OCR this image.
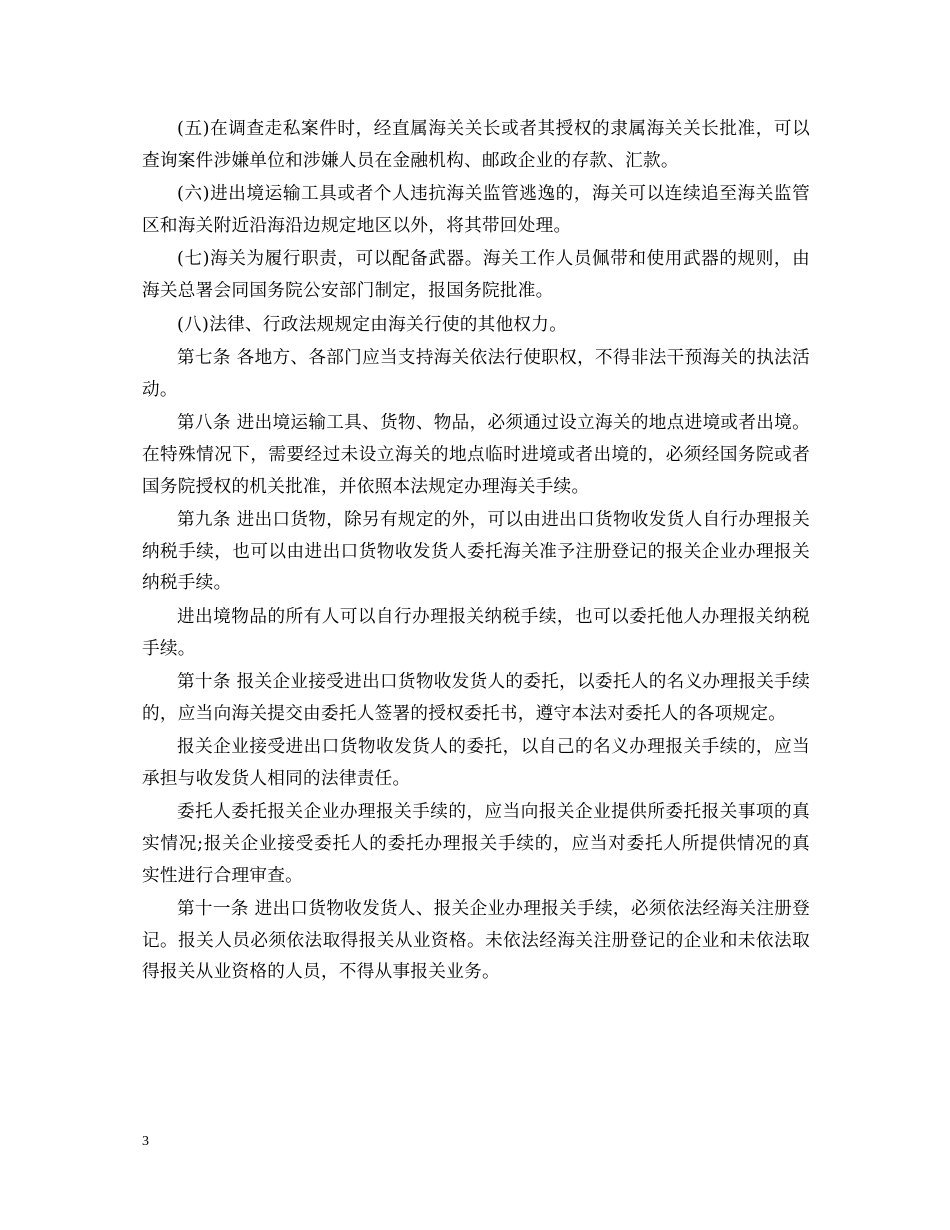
(五)在调查走私案件时，经直属海关关长或者其授权的隶属海关关长批准，可以查询案件涉嫌单位和涉嫌人员在金融机构、邮政企业的存款、汇款。

(六)进出境运输工具或者个人违抗海关监管逃逸的，海关可以连续追至海关监管区和海关附近沿海沿边规定地区以外，将其带回处理。

(七)海关为履行职责，可以配备武器。海关工作人员佩带和使用武器的规则，由海关总署会同国务院公安部门制定，报国务院批准。

(八)法律、行政法规规定由海关行使的其他权力。

第七条 各地方、各部门应当支持海关依法行使职权，不得非法干预海关的执法活动。

第八条 进出境运输工具、货物、物品，必须通过设立海关的地点进境或者出境。在特殊情况下，需要经过未设立海关的地点临时进境或者出境的，必须经国务院或者国务院授权的机关批准，并依照本法规定办理海关手续。

第九条 进出口货物，除另有规定的外，可以由进出口货物收发货人自行办理报关纳税手续，也可以由进出口货物收发货人委托海关准予注册登记的报关企业办理报关纳税手续。

进出境物品的所有人可以自行办理报关纳税手续，也可以委托他人办理报关纳税手续。

第十条 报关企业接受进出口货物收发货人的委托，以委托人的名义办理报关手续的，应当向海关提交由委托人签署的授权委托书，遵守本法对委托人的各项规定。

报关企业接受进出口货物收发货人的委托，以自己的名义办理报关手续的，应当承担与收发货人相同的法律责任。

委托人委托报关企业办理报关手续的，应当向报关企业提供所委托报关事项的真实情况;报关企业接受委托人的委托办理报关手续的，应当对委托人所提供情况的真实性进行合理审查。

第十一条 进出口货物收发货人、报关企业办理报关手续，必须依法经海关注册登记。报关人员必须依法取得报关从业资格。未依法经海关注册登记的企业和未依法取得报关从业资格的人员，不得从事报关业务。

3
